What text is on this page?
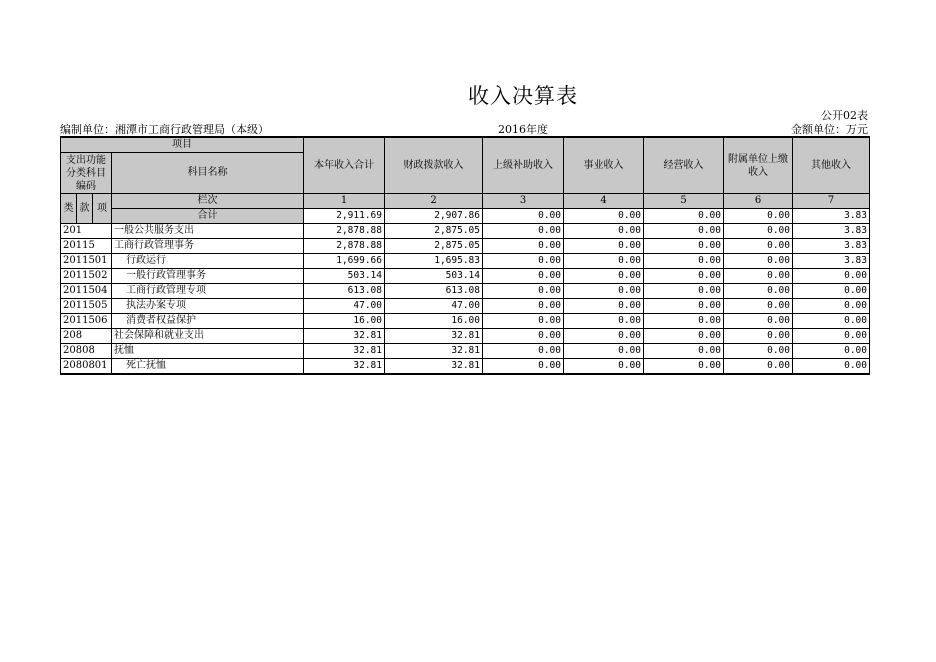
收入决算表
公开02表
编制单位：湘潭市工商行政管理局（本级）	2016年度	金额单位：万元
项目				本年收入合计	财政拨款收入	上级补助收入	事业收入	经营收入	附属单位上缴收入	其他收入
支出功能分类科目编码			科目名称							
类	款	项								
			栏次	1	2	3	4	5	6	7
			合计	2,911.69	2,907.86	0.00	0.00	0.00	0.00	3.83
201			一般公共服务支出	2,878.88	2,875.05	0.00	0.00	0.00	0.00	3.83
20115			工商行政管理事务	2,878.88	2,875.05	0.00	0.00	0.00	0.00	3.83
2011501			行政运行	1,699.66	1,695.83	0.00	0.00	0.00	0.00	3.83
2011502			一般行政管理事务	503.14	503.14	0.00	0.00	0.00	0.00	0.00
2011504			工商行政管理专项	613.08	613.08	0.00	0.00	0.00	0.00	0.00
2011505			执法办案专项	47.00	47.00	0.00	0.00	0.00	0.00	0.00
2011506			消费者权益保护	16.00	16.00	0.00	0.00	0.00	0.00	0.00
208			社会保障和就业支出	32.81	32.81	0.00	0.00	0.00	0.00	0.00
20808			抚恤	32.81	32.81	0.00	0.00	0.00	0.00	0.00
2080801			死亡抚恤	32.81	32.81	0.00	0.00	0.00	0.00	0.00
